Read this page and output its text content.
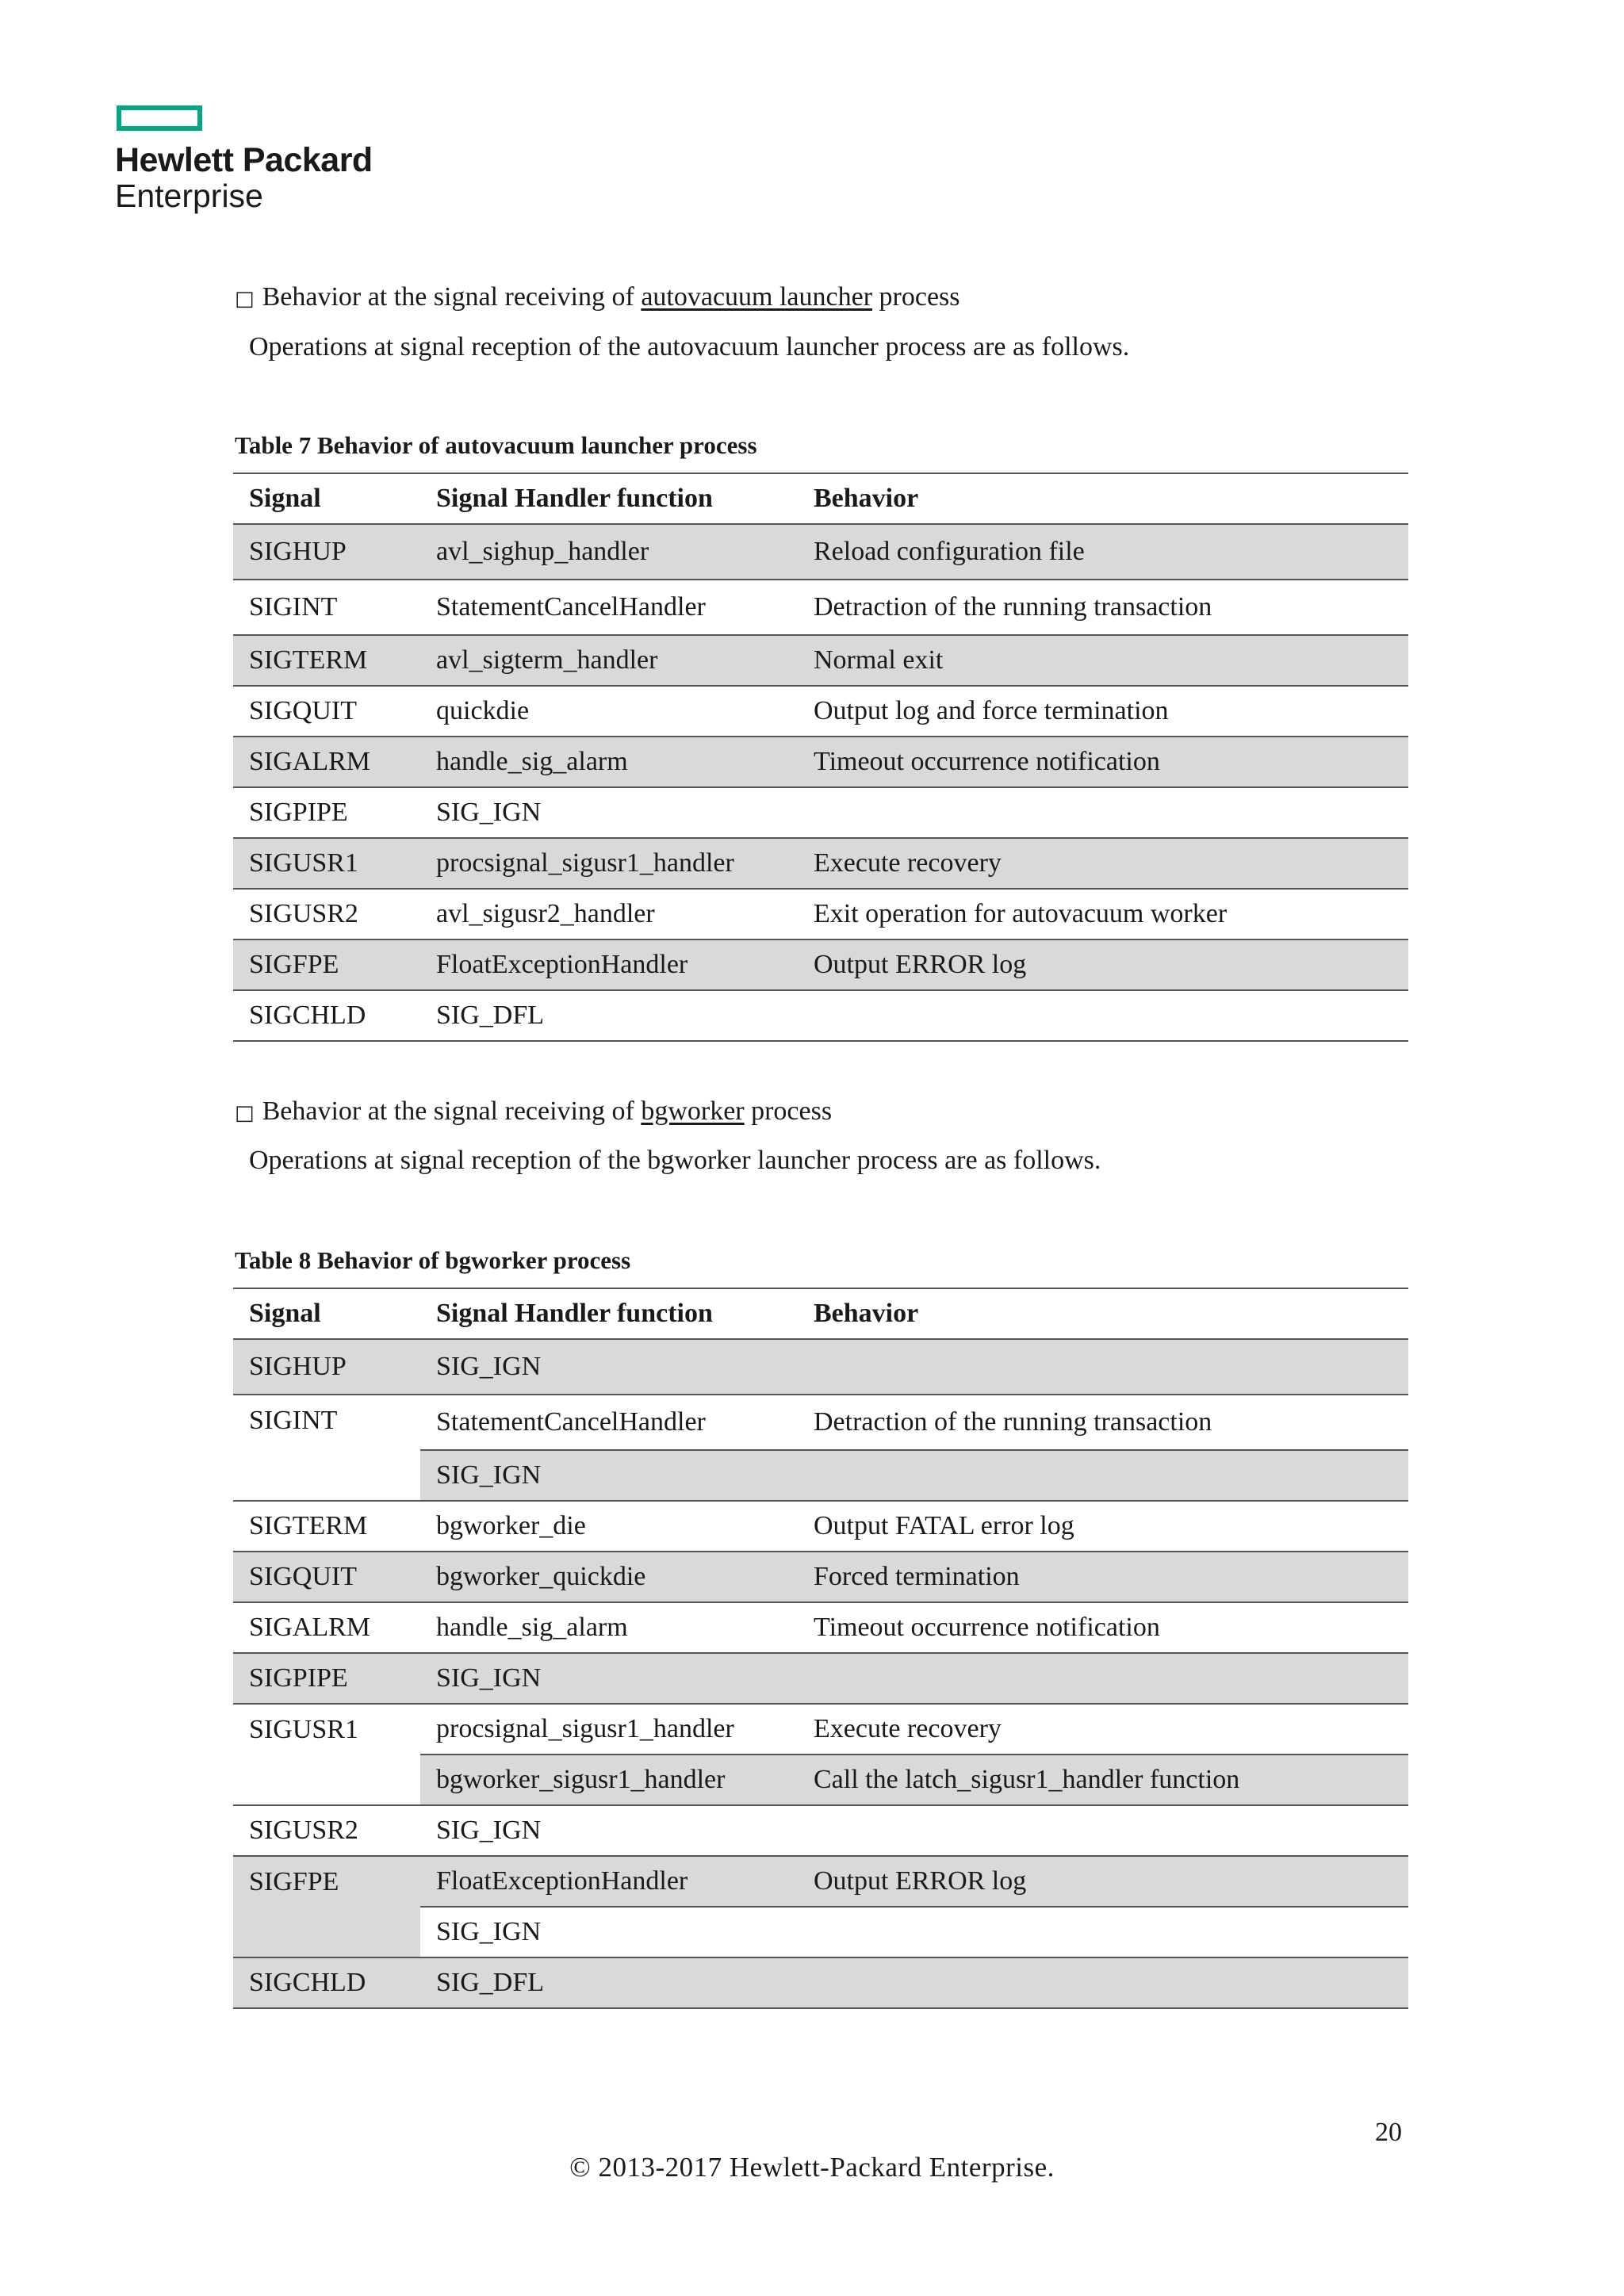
Hewlett Packard
Enterprise

□ Behavior at the signal receiving of autovacuum launcher process

Operations at signal reception of the autovacuum launcher process are as follows.

Table 7 Behavior of autovacuum launcher process

Signal	Signal Handler function	Behavior
SIGHUP	avl_sighup_handler	Reload configuration file
SIGINT	StatementCancelHandler	Detraction of the running transaction
SIGTERM	avl_sigterm_handler	Normal exit
SIGQUIT	quickdie	Output log and force termination
SIGALRM	handle_sig_alarm	Timeout occurrence notification
SIGPIPE	SIG_IGN	
SIGUSR1	procsignal_sigusr1_handler	Execute recovery
SIGUSR2	avl_sigusr2_handler	Exit operation for autovacuum worker
SIGFPE	FloatExceptionHandler	Output ERROR log
SIGCHLD	SIG_DFL	

□ Behavior at the signal receiving of bgworker process

Operations at signal reception of the bgworker launcher process are as follows.

Table 8 Behavior of bgworker process

Signal	Signal Handler function	Behavior
SIGHUP	SIG_IGN	
SIGINT	StatementCancelHandler	Detraction of the running transaction
	SIG_IGN	
SIGTERM	bgworker_die	Output FATAL error log
SIGQUIT	bgworker_quickdie	Forced termination
SIGALRM	handle_sig_alarm	Timeout occurrence notification
SIGPIPE	SIG_IGN	
SIGUSR1	procsignal_sigusr1_handler	Execute recovery
	bgworker_sigusr1_handler	Call the latch_sigusr1_handler function
SIGUSR2	SIG_IGN	
SIGFPE	FloatExceptionHandler	Output ERROR log
	SIG_IGN	
SIGCHLD	SIG_DFL	
20
© 2013-2017 Hewlett-Packard Enterprise.
